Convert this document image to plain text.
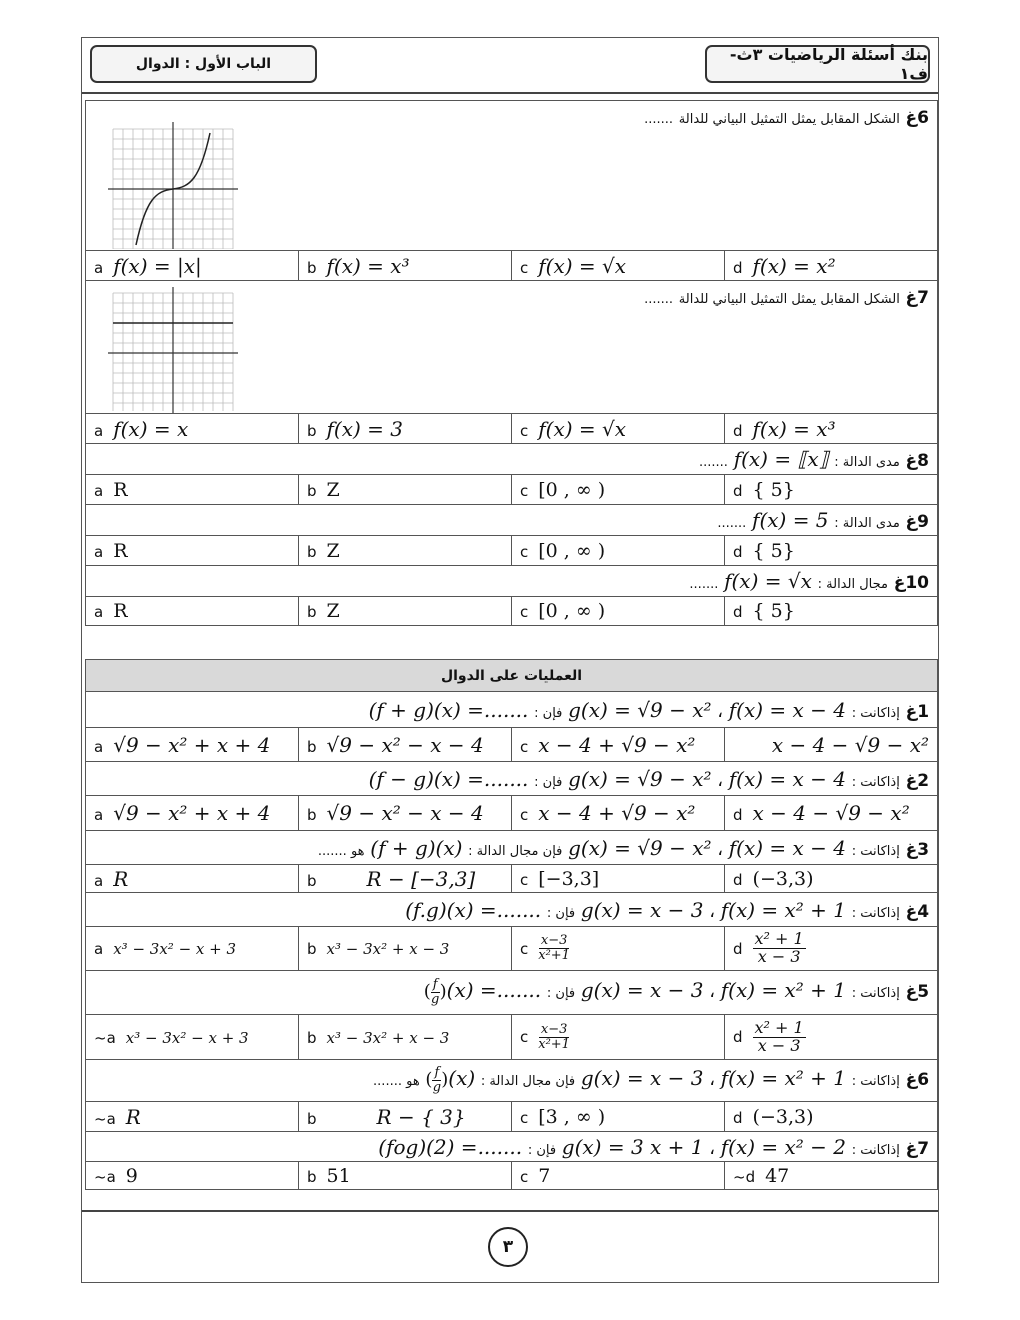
الباب الأول : الدوال	بنك أسئلة الرياضيات ٣ث-ف١
6غ الشكل المقابل يمثل التمثيل البياني للدالة .......			

a f(x) = |x|	b f(x) = x³	c f(x) = √x	d f(x) = x²

7غ الشكل المقابل يمثل التمثيل البياني للدالة .......			

a f(x) = x	b f(x) = 3	c f(x) = √x	d f(x) = x³
8غ مدى الدالة : f(x) = ⟦x⟧ .......			
a R	b Z	c [0 , ∞ )	d { 5}
9غ مدى الدالة : f(x) = 5 .......			
a R	b Z	c [0 , ∞ )	d { 5}
10غ مجال الدالة : f(x) = √x .......			
a R	b Z	c [0 , ∞ )	d { 5}
العمليات على الدوال			
1غ إذاكانت : f(x) = x − 4 ، g(x) = √9 − x² فإن : (f + g)(x) =.......			
a √9 − x² + x + 4	b √9 − x² − x − 4	c x − 4 + √9 − x²	x − 4 − √9 − x²
2غ إذاكانت : f(x) = x − 4 ، g(x) = √9 − x² فإن : (f − g)(x) =.......			
a √9 − x² + x + 4	b √9 − x² − x − 4	c x − 4 + √9 − x²	d x − 4 − √9 − x²
3غ إذاكانت : f(x) = x − 4 ، g(x) = √9 − x² فإن مجال الدالة : (f + g)(x) هو .......			
a R	b R − [−3,3]	c [−3,3]	d (−3,3)
4غ إذاكانت : f(x) = x² + 1 ، g(x) = x − 3 فإن : (f.g)(x) =.......			
a x³ − 3x² − x + 3	b x³ − 3x² + x − 3	c $\frac{x-3}{\text{x²+1}}$	d $\frac{\text{x² + 1}}{x - 3}$

5غ إذاكانت : f(x) = x² + 1 ، g(x) = x − 3 فإن : ( $\frac{f}{g} )(x)$ =.......			
~a x³ − 3x² − x + 3	b x³ − 3x² + x − 3	c $\frac{x-3}{\text{x²+1}}$	d $\frac{\text{x² + 1}}{x - 3}$

6غ إذاكانت : f(x) = x² + 1 ، g(x) = x − 3 فإن مجال الدالة : ( $\frac{f}{g} )(x)$ هو .......			
~a R	b R − { 3}	c [3 , ∞ )	d (−3,3)
7غ إذاكانت : f(x) = x² − 2 ، g(x) = 3 x + 1 فإن : (fog)(2) =.......			
~a 9	b 51	c 7	~d 47
٣
